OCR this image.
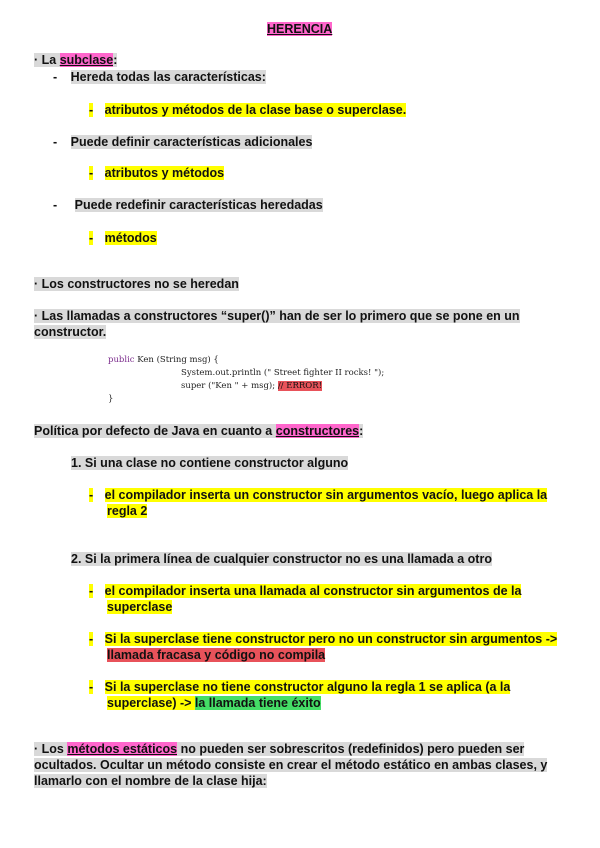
HERENCIA
· La subclase:
- Hereda todas las características:
- atributos y métodos de la clase base o superclase.
- Puede definir características adicionales
- atributos y métodos
- Puede redefinir características heredadas
- métodos
· Los constructores no se heredan
· Las llamadas a constructores “super()” han de ser lo primero que se pone en un
constructor.
public Ken (String msg) {
System.out.println (" Street fighter II rocks! ");
super ("Ken " + msg); // ERROR!
}
Política por defecto de Java en cuanto a constructores:
1. Si una clase no contiene constructor alguno
- el compilador inserta un constructor sin argumentos vacío, luego aplica la
regla 2
2. Si la primera línea de cualquier constructor no es una llamada a otro
- el compilador inserta una llamada al constructor sin argumentos de la
superclase
- Si la superclase tiene constructor pero no un constructor sin argumentos ->
llamada fracasa y código no compila
- Si la superclase no tiene constructor alguno la regla 1 se aplica (a la
superclase) -> la llamada tiene éxito
· Los métodos estáticos no pueden ser sobrescritos (redefinidos) pero pueden ser
ocultados. Ocultar un método consiste en crear el método estático en ambas clases, y
llamarlo con el nombre de la clase hija:
